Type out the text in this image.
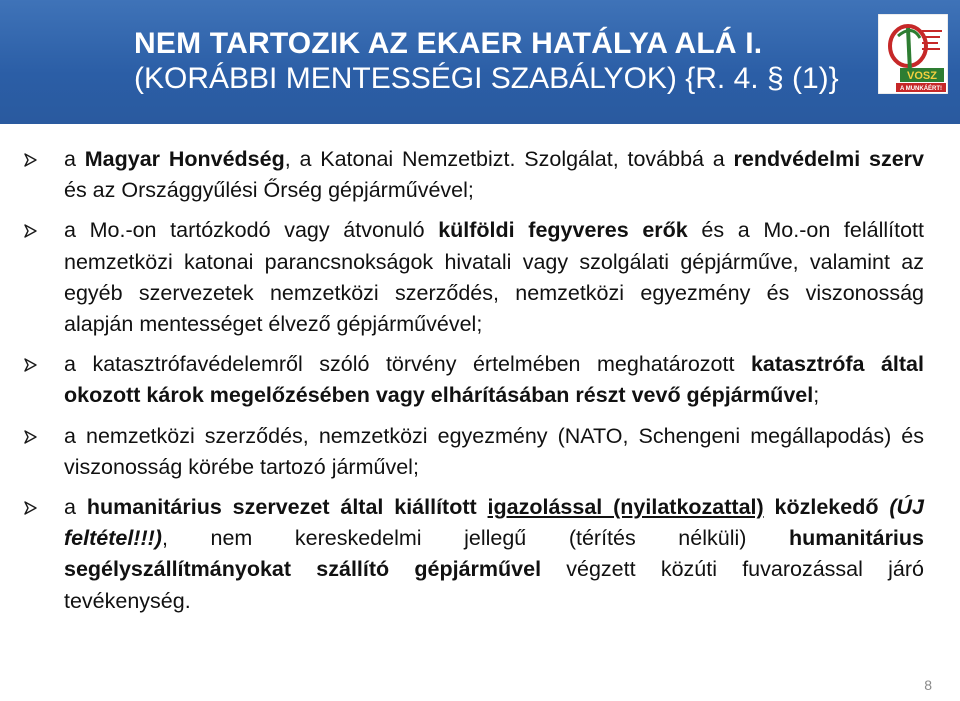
NEM TARTOZIK AZ EKAER HATÁLYA ALÁ I.
(KORÁBBI MENTESSÉGI SZABÁLYOK) {R. 4. § (1)}	VOSZ
A MUNKÁÉRT!
a Magyar Honvédség, a Katonai Nemzetbizt. Szolgálat, továbbá a rendvédelmi szerv és az Országgyűlési Őrség gépjárművével;
a Mo.-on tartózkodó vagy átvonuló külföldi fegyveres erők és a Mo.-on felállított nemzetközi katonai parancsnokságok hivatali vagy szolgálati gépjárműve, valamint az egyéb szervezetek nemzetközi szerződés, nemzetközi egyezmény és viszonosság alapján mentességet élvező gépjárművével;
a katasztrófavédelemről szóló törvény értelmében meghatározott katasztrófa által okozott károk megelőzésében vagy elhárításában részt vevő gépjárművel;
a nemzetközi szerződés, nemzetközi egyezmény (NATO, Schengeni megállapodás) és viszonosság körébe tartozó járművel;
a humanitárius szervezet által kiállított igazolással (nyilatkozattal) közlekedő (ÚJ feltétel!!!), nem kereskedelmi jellegű (térítés nélküli) humanitárius segélyszállítmányokat szállító gépjárművel végzett közúti fuvarozással járó tevékenység.
8
